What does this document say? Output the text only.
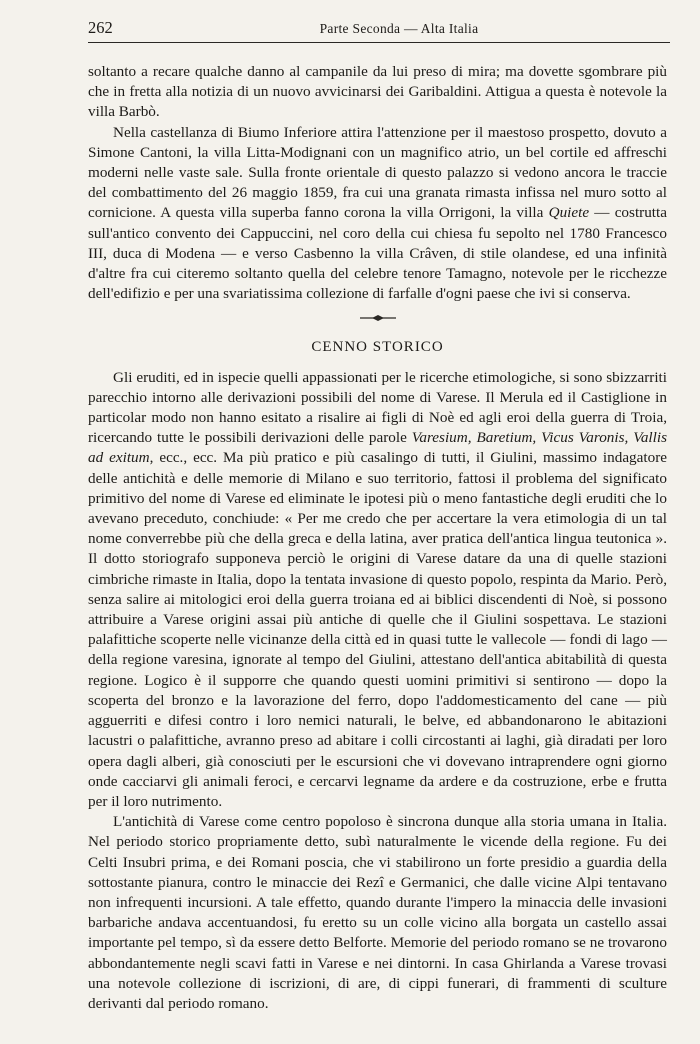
262	Parte Seconda — Alta Italia

soltanto a recare qualche danno al campanile da lui preso di mira; ma dovette sgombrare più che in fretta alla notizia di un nuovo avvicinarsi dei Garibaldini. Attigua a questa è notevole la villa Barbò.

Nella castellanza di Biumo Inferiore attira l'attenzione per il maestoso prospetto, dovuto a Simone Cantoni, la villa Litta-Modignani con un magnifico atrio, un bel cortile ed affreschi moderni nelle vaste sale. Sulla fronte orientale di questo palazzo si vedono ancora le traccie del combattimento del 26 maggio 1859, fra cui una granata rimasta infissa nel muro sotto al cornicione. A questa villa superba fanno corona la villa Orrigoni, la villa Quiete — costrutta sull'antico convento dei Cappuccini, nel coro della cui chiesa fu sepolto nel 1780 Francesco III, duca di Modena — e verso Casbenno la villa Crâven, di stile olandese, ed una infinità d'altre fra cui citeremo soltanto quella del celebre tenore Tamagno, notevole per le ricchezze dell'edifizio e per una svariatissima collezione di farfalle d'ogni paese che ivi si conserva.

CENNO STORICO

Gli eruditi, ed in ispecie quelli appassionati per le ricerche etimologiche, si sono sbizzarriti parecchio intorno alle derivazioni possibili del nome di Varese. Il Merula ed il Castiglione in particolar modo non hanno esitato a risalire ai figli di Noè ed agli eroi della guerra di Troia, ricercando tutte le possibili derivazioni delle parole Varesium, Baretium, Vicus Varonis, Vallis ad exitum, ecc., ecc. Ma più pratico e più casalingo di tutti, il Giulini, massimo indagatore delle antichità e delle memorie di Milano e suo territorio, fattosi il problema del significato primitivo del nome di Varese ed eliminate le ipotesi più o meno fantastiche degli eruditi che lo avevano preceduto, conchiude: « Per me credo che per accertare la vera etimologia di un tal nome converrebbe più che della greca e della latina, aver pratica dell'antica lingua teutonica ». Il dotto storiografo supponeva perciò le origini di Varese datare da una di quelle stazioni cimbriche rimaste in Italia, dopo la tentata invasione di questo popolo, respinta da Mario. Però, senza salire ai mitologici eroi della guerra troiana ed ai biblici discendenti di Noè, si possono attribuire a Varese origini assai più antiche di quelle che il Giulini sospettava. Le stazioni palafittiche scoperte nelle vicinanze della città ed in quasi tutte le vallecole — fondi di lago — della regione varesina, ignorate al tempo del Giulini, attestano dell'antica abitabilità di questa regione. Logico è il supporre che quando questi uomini primitivi si sentirono — dopo la scoperta del bronzo e la lavorazione del ferro, dopo l'addomesticamento del cane — più agguerriti e difesi contro i loro nemici naturali, le belve, ed abbandonarono le abitazioni lacustri o palafittiche, avranno preso ad abitare i colli circostanti ai laghi, già diradati per loro opera dagli alberi, già conosciuti per le escursioni che vi dovevano intraprendere ogni giorno onde cacciarvi gli animali feroci, e cercarvi legname da ardere e da costruzione, erbe e frutta per il loro nutrimento.

L'antichità di Varese come centro popoloso è sincrona dunque alla storia umana in Italia. Nel periodo storico propriamente detto, subì naturalmente le vicende della regione. Fu dei Celti Insubri prima, e dei Romani poscia, che vi stabilirono un forte presidio a guardia della sottostante pianura, contro le minaccie dei Rezî e Germanici, che dalle vicine Alpi tentavano non infrequenti incursioni. A tale effetto, quando durante l'impero la minaccia delle invasioni barbariche andava accentuandosi, fu eretto su un colle vicino alla borgata un castello assai importante pel tempo, sì da essere detto Belforte. Memorie del periodo romano se ne trovarono abbondantemente negli scavi fatti in Varese e nei dintorni. In casa Ghirlanda a Varese trovasi una notevole collezione di iscrizioni, di are, di cippi funerari, di frammenti di sculture derivanti dal periodo romano.
